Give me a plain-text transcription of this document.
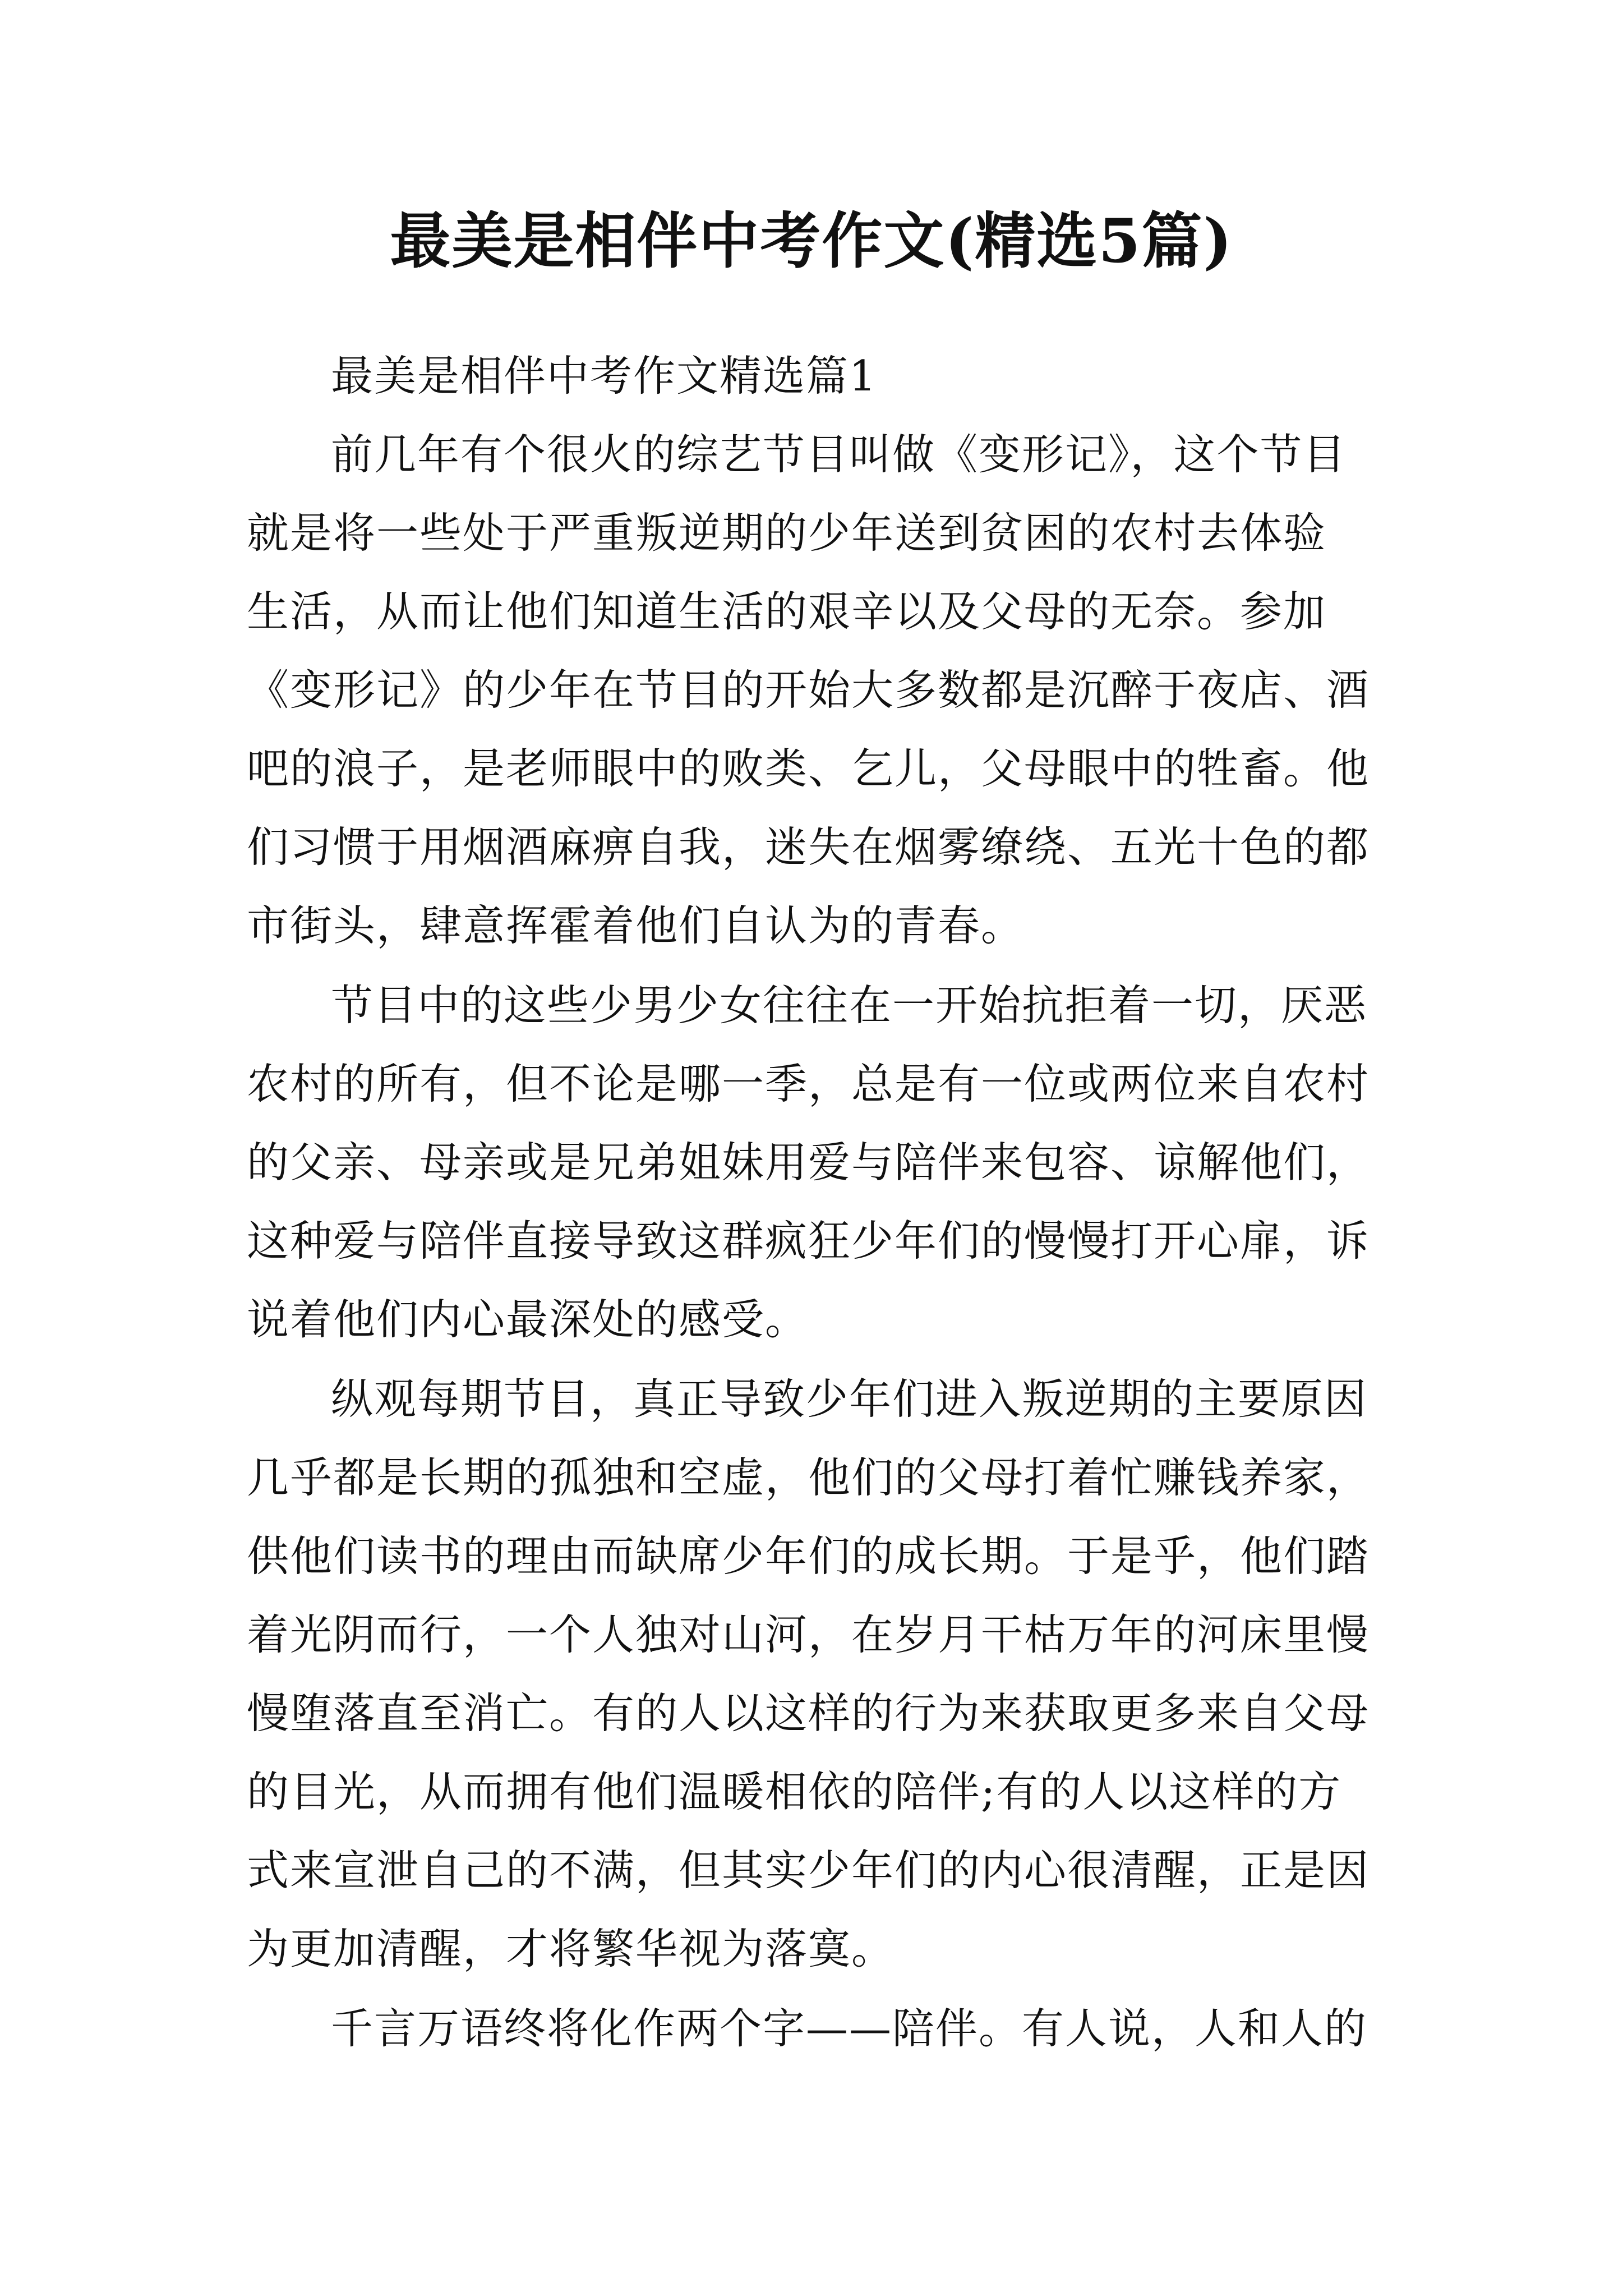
最美是相伴中考作文(精选5篇)
最美是相伴中考作文精选篇1
前几年有个很火的综艺节目叫做《变形记》，这个节目
就是将一些处于严重叛逆期的少年送到贫困的农村去体验
生活，从而让他们知道生活的艰辛以及父母的无奈。参加
《变形记》的少年在节目的开始大多数都是沉醉于夜店、酒
吧的浪子，是老师眼中的败类、乞儿，父母眼中的牲畜。他
们习惯于用烟酒麻痹自我，迷失在烟雾缭绕、五光十色的都
市街头，肆意挥霍着他们自认为的青春。
节目中的这些少男少女往往在一开始抗拒着一切，厌恶
农村的所有，但不论是哪一季，总是有一位或两位来自农村
的父亲、母亲或是兄弟姐妹用爱与陪伴来包容、谅解他们，
这种爱与陪伴直接导致这群疯狂少年们的慢慢打开心扉，诉
说着他们内心最深处的感受。
纵观每期节目，真正导致少年们进入叛逆期的主要原因
几乎都是长期的孤独和空虚，他们的父母打着忙赚钱养家，
供他们读书的理由而缺席少年们的成长期。于是乎，他们踏
着光阴而行，一个人独对山河，在岁月干枯万年的河床里慢
慢堕落直至消亡。有的人以这样的行为来获取更多来自父母
的目光，从而拥有他们温暖相依的陪伴;有的人以这样的方
式来宣泄自己的不满，但其实少年们的内心很清醒，正是因
为更加清醒，才将繁华视为落寞。
千言万语终将化作两个字——陪伴。有人说，人和人的
